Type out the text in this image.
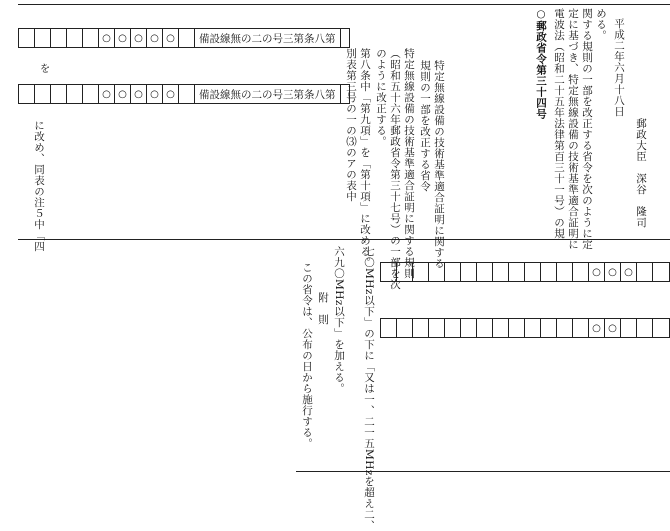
○郵政省令第三十四号 電波法（昭和二十五年法律第百三十一号）の規 定に基づき、特定無線設備の技術基準適合証明に 関する規則の一部を改正する省令を次のように定 める。 平成二年六月十八日
郵政大臣　深谷　隆司
特定無線設備の技術基準適合証明に関する
規則の一部を改正する省令
特定無線設備の技術基準適合証明に関する規則
（昭和五十六年郵政省令第三十七号）の一部を次
のように改正する。
第八条中「第九項」を「第十項」に改める。
別表第三号の一の⑶のアの表中
○ ○ ○ ○ ○	備設線無の二の号三第条八第
を
○ ○ ○ ○ ○	備設線無の二の号三第条八第
に改め、同表の注５中「四
○ ○ ○
○ ○
七〇MHz以下」の下に「又は一、二一五MHzを超え二、
六九〇MHz以下」を加える。
附　則
この省令は、公布の日から施行する。
